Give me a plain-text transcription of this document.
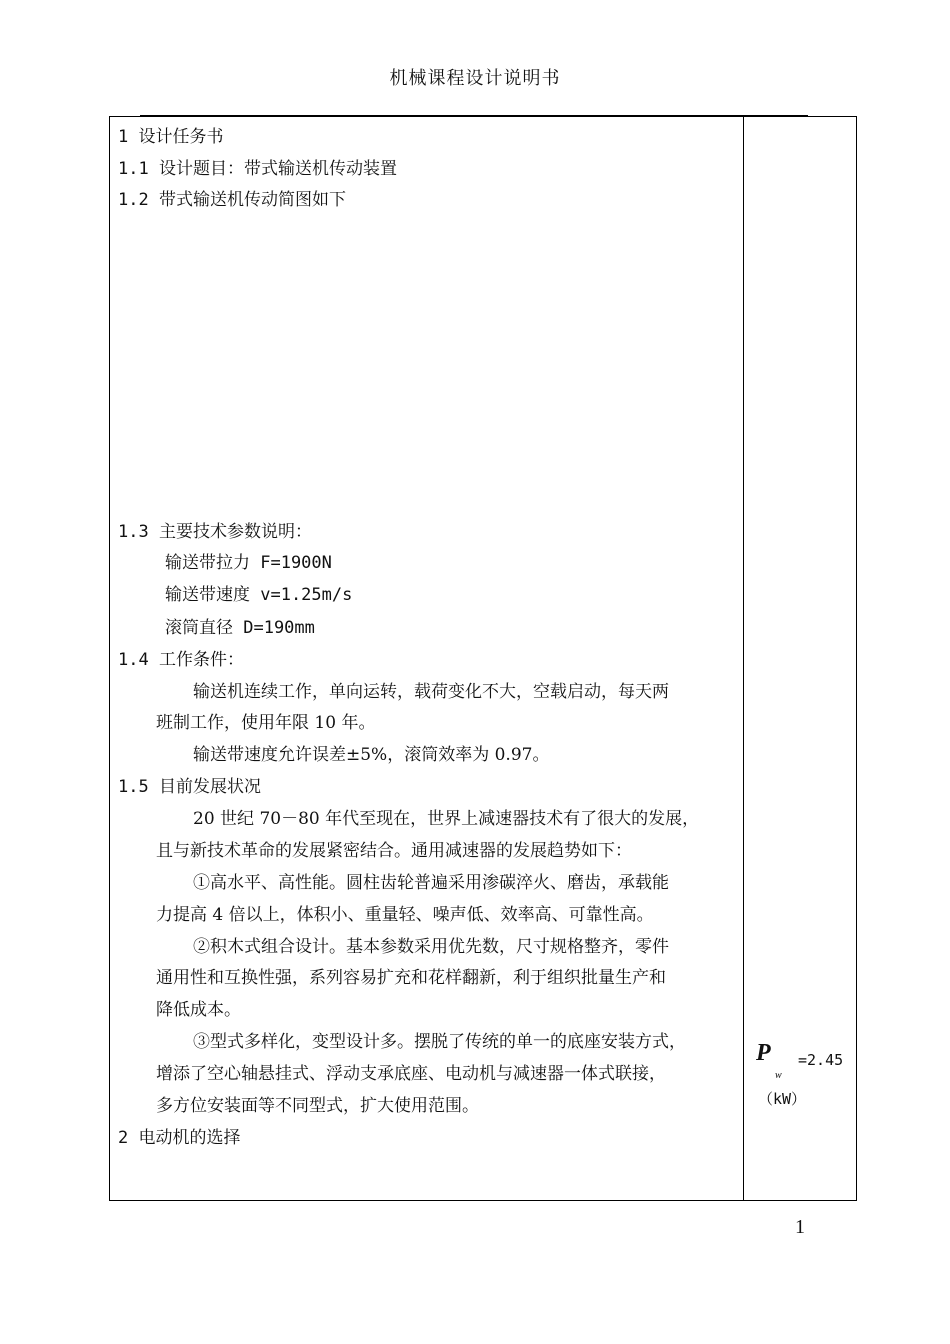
机械课程设计说明书
1 设计任务书
1.1 设计题目：带式输送机传动装置
1.2 带式输送机传动简图如下
1.3 主要技术参数说明：
输送带拉力 F=1900N
输送带速度 v=1.25m/s
滚筒直径 D=190mm
1.4 工作条件：
输送机连续工作，单向运转，载荷变化不大，空载启动，每天两
班制工作，使用年限 10 年。
输送带速度允许误差±5%，滚筒效率为 0.97。
1.5 目前发展状况
20 世纪 70－80 年代至现在，世界上减速器技术有了很大的发展，
且与新技术革命的发展紧密结合。通用减速器的发展趋势如下：
①高水平、高性能。圆柱齿轮普遍采用渗碳淬火、磨齿，承载能
力提高 4 倍以上，体积小、重量轻、噪声低、效率高、可靠性高。
②积木式组合设计。基本参数采用优先数，尺寸规格整齐，零件
通用性和互换性强，系列容易扩充和花样翻新，利于组织批量生产和
降低成本。
③型式多样化，变型设计多。摆脱了传统的单一的底座安装方式，
增添了空心轴悬挂式、浮动支承底座、电动机与减速器一体式联接，
多方位安装面等不同型式，扩大使用范围。
2 电动机的选择
P
w
=2.45
（kW）
1
